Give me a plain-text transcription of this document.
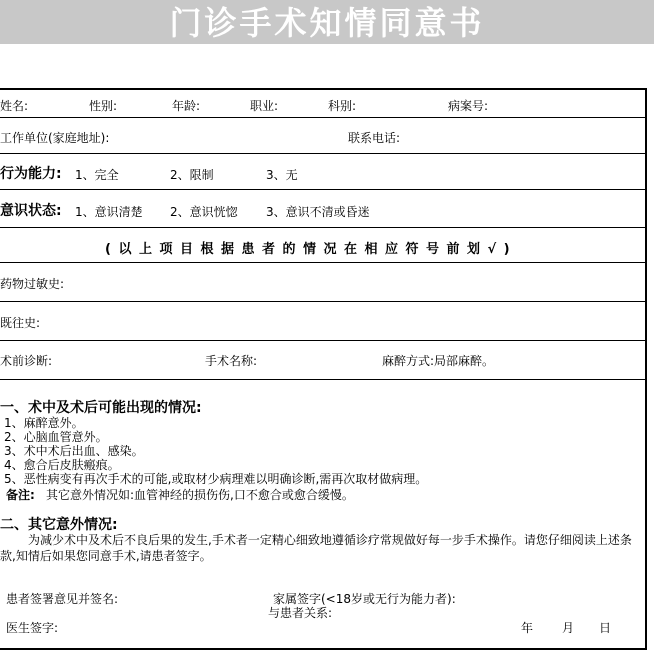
门诊手术知情同意书
姓名:	性别:	年龄:	职业:	科别:	病案号:
工作单位(家庭地址):	联系电话:
行为能力: 1、完全	2、限制	3、无
意识状态: 1、意识清楚 2、意识恍惚 3、意识不清或昏迷
(以上项目根据患者的情况在相应符号前划√)
药物过敏史:
既往史:
术前诊断:	手术名称:	麻醉方式:局部麻醉。
一、术中及术后可能出现的情况:
1、麻醉意外。
2、心脑血管意外。
3、术中术后出血、感染。
4、愈合后皮肤瘢痕。
5、恶性病变有再次手术的可能,或取材少病理难以明确诊断,需再次取材做病理。
备注: 其它意外情况如:血管神经的损伤伤,口不愈合或愈合缓慢。
二、其它意外情况:
为减少术中及术后不良后果的发生,手术者一定精心细致地遵循诊疗常规做好每一步手术操作。请您仔细阅读上述条款,知情后如果您同意手术,请患者签字。
患者签署意见并签名:	家属签字(<18岁或无行为能力者):
与患者关系:
医生签字:	年 月 日
